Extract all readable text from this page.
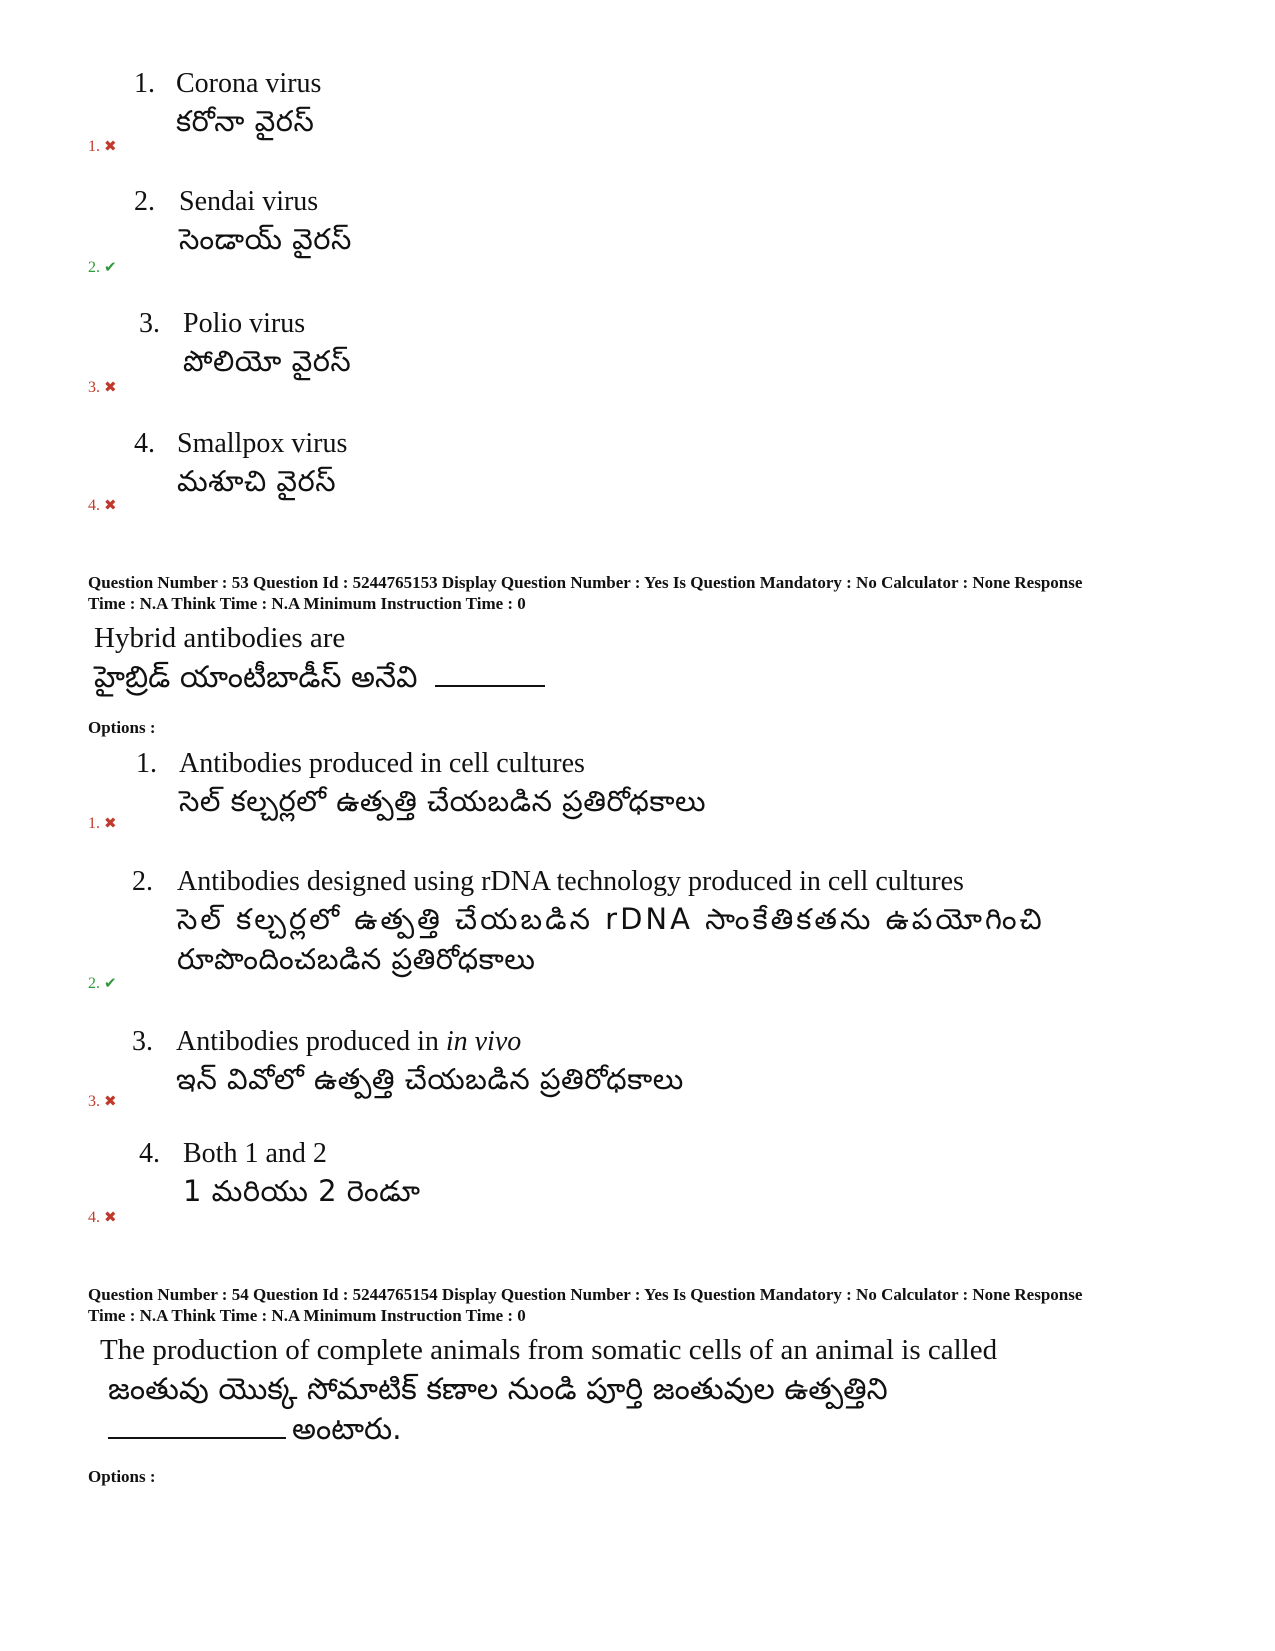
1. Corona virus
కరోనా వైరస్
1. ✖
2. Sendai virus
సెండాయ్ వైరస్
2. ✔
3. Polio virus
పోలియో వైరస్
3. ✖
4. Smallpox virus
మశూచి వైరస్
4. ✖
Question Number : 53 Question Id : 5244765153 Display Question Number : Yes Is Question Mandatory : No Calculator : None Response
Time : N.A Think Time : N.A Minimum Instruction Time : 0
Hybrid antibodies are
హైబ్రిడ్ యాంటీబాడీస్ అనేవి
Options :
1. Antibodies produced in cell cultures
సెల్ కల్చర్లలో ఉత్పత్తి చేయబడిన ప్రతిరోధకాలు
1. ✖
2. Antibodies designed using rDNA technology produced in cell cultures
సెల్ కల్చర్లలో ఉత్పత్తి చేయబడిన rDNA సాంకేతికతను ఉపయోగించి
రూపొందించబడిన ప్రతిరోధకాలు
2. ✔
3. Antibodies produced in in vivo
ఇన్ వివోలో ఉత్పత్తి చేయబడిన ప్రతిరోధకాలు
3. ✖
4. Both 1 and 2
1 మరియు 2 రెండూ
4. ✖
Question Number : 54 Question Id : 5244765154 Display Question Number : Yes Is Question Mandatory : No Calculator : None Response
Time : N.A Think Time : N.A Minimum Instruction Time : 0
The production of complete animals from somatic cells of an animal is called
జంతువు యొక్క సోమాటిక్ కణాల నుండి పూర్తి జంతువుల ఉత్పత్తిని
అంటారు.
Options :
